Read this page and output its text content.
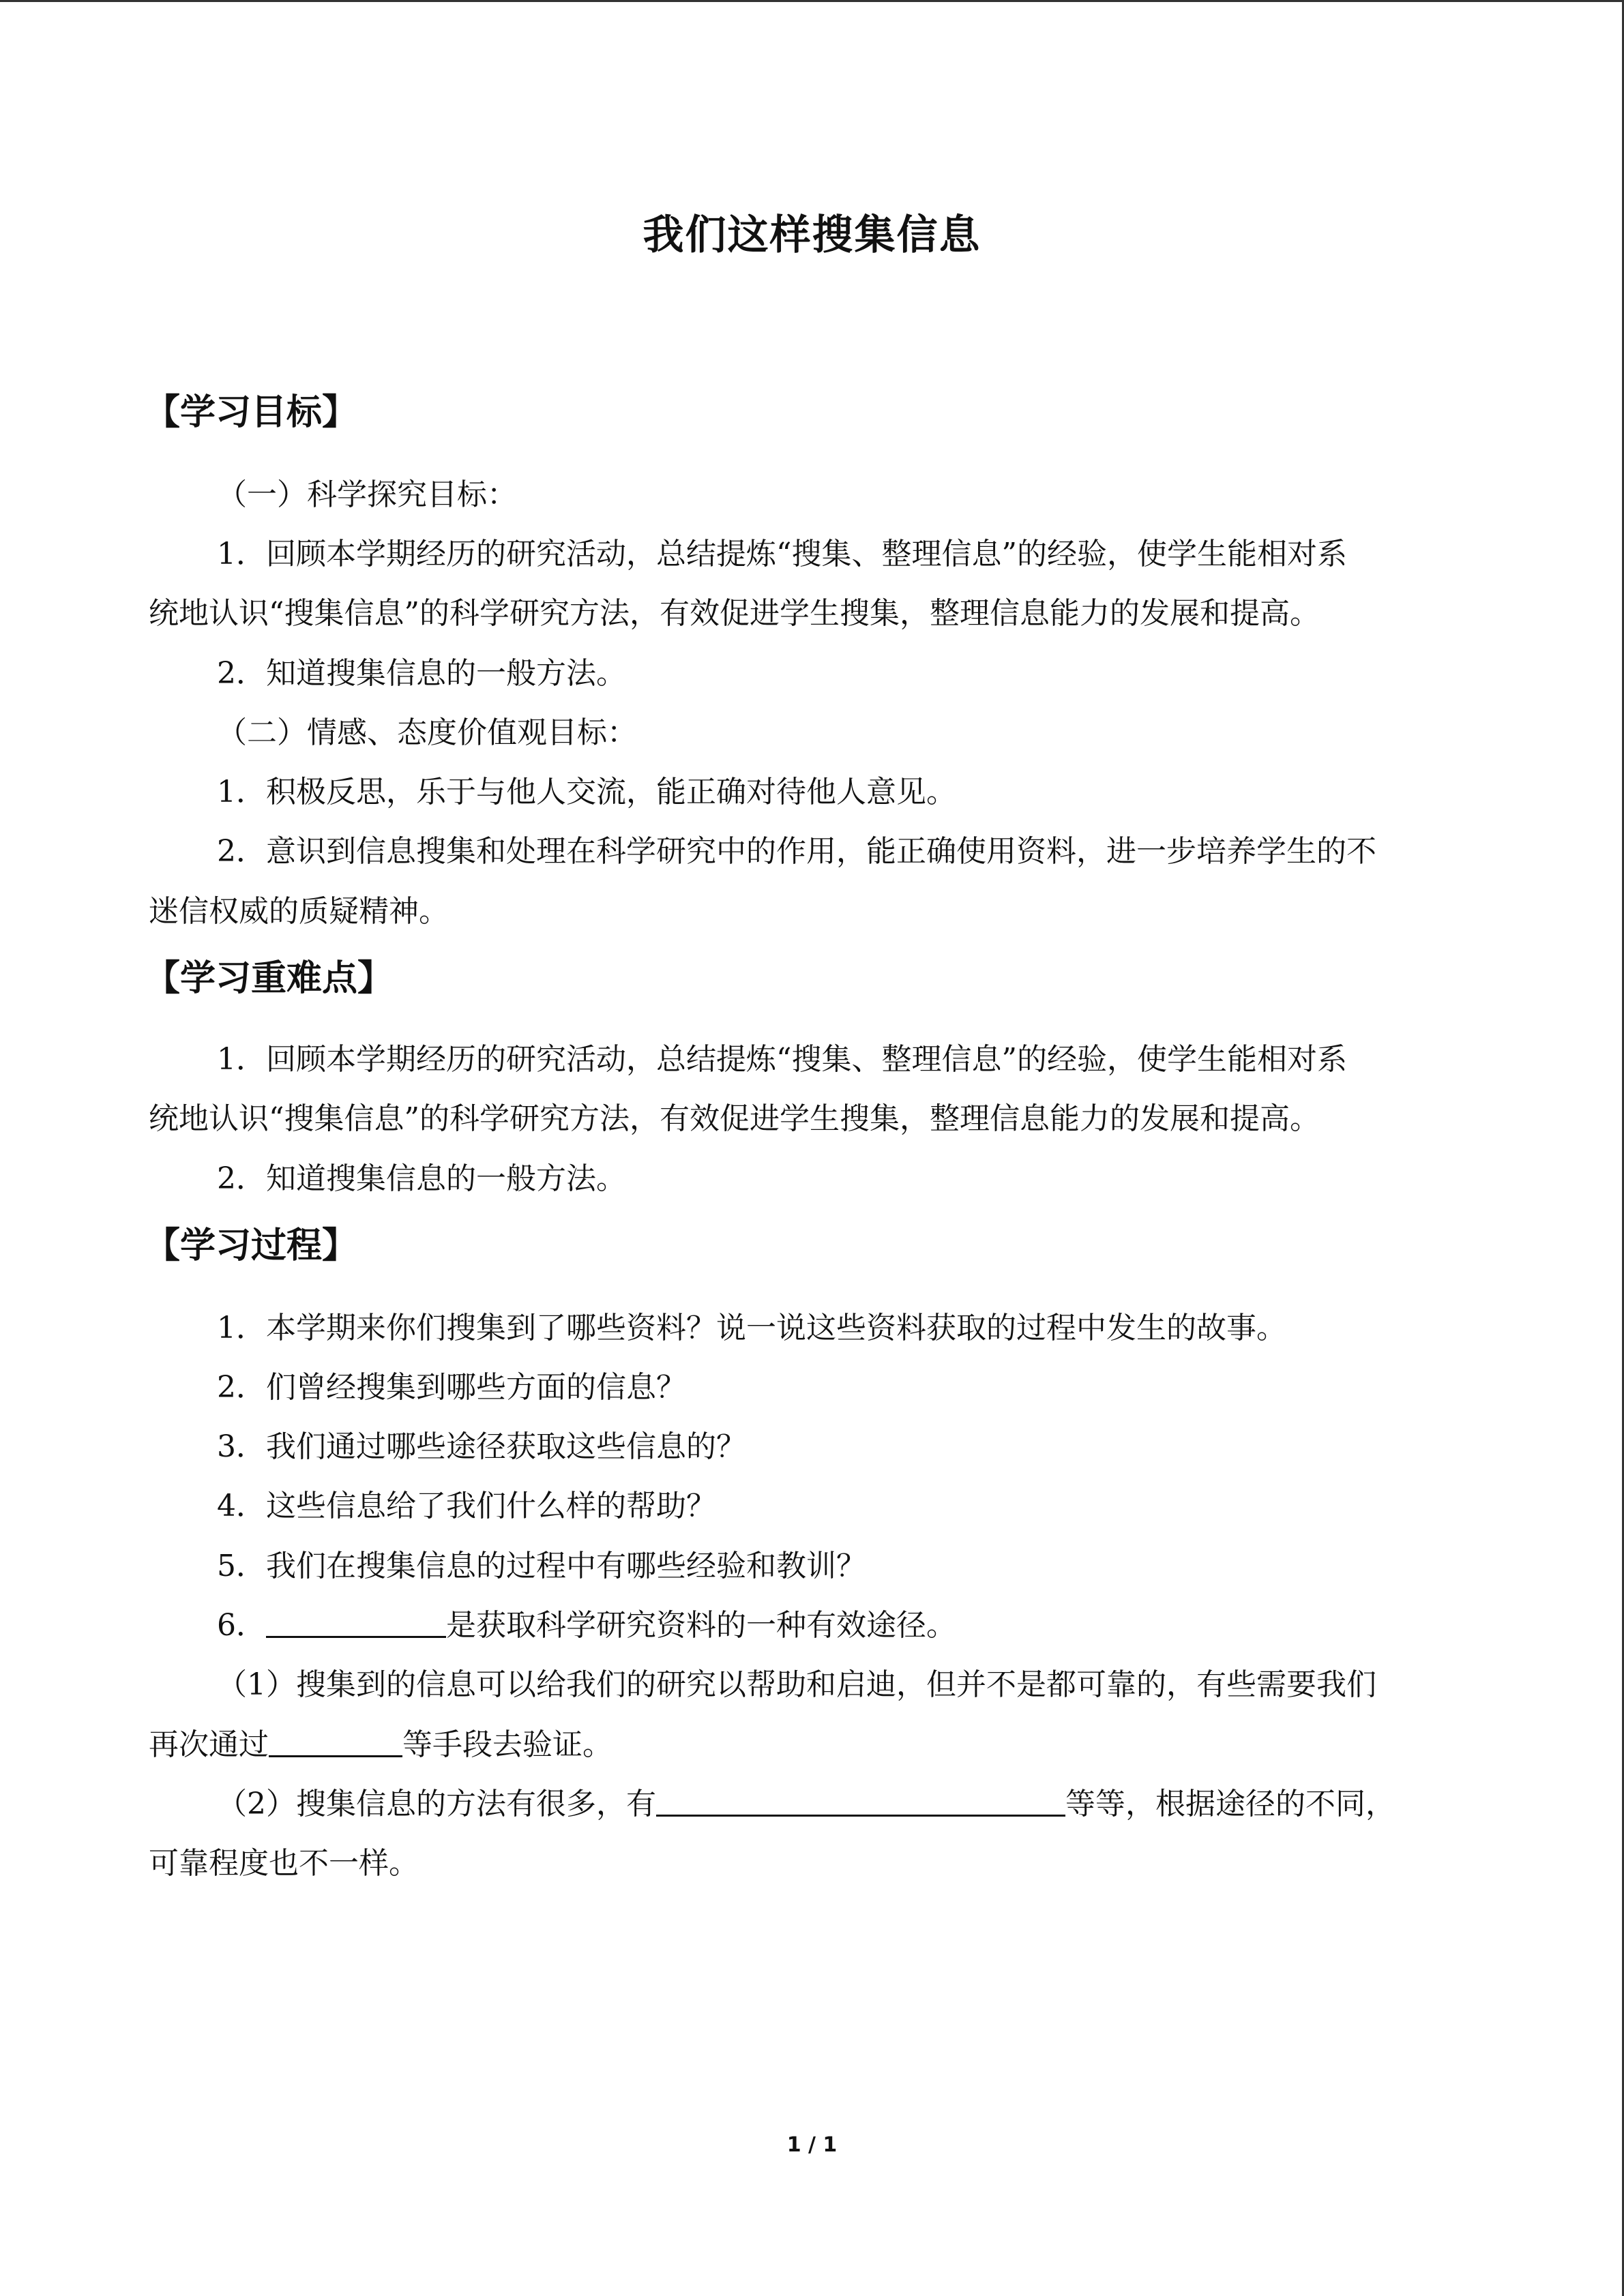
我们这样搜集信息
【学习目标】
（一）科学探究目标：
1．回顾本学期经历的研究活动，总结提炼“搜集、整理信息”的经验，使学生能相对系
统地认识“搜集信息”的科学研究方法，有效促进学生搜集，整理信息能力的发展和提高。
2．知道搜集信息的一般方法。
（二）情感、态度价值观目标：
1．积极反思，乐于与他人交流，能正确对待他人意见。
2．意识到信息搜集和处理在科学研究中的作用，能正确使用资料，进一步培养学生的不
迷信权威的质疑精神。
【学习重难点】
1．回顾本学期经历的研究活动，总结提炼“搜集、整理信息”的经验，使学生能相对系
统地认识“搜集信息”的科学研究方法，有效促进学生搜集，整理信息能力的发展和提高。
2．知道搜集信息的一般方法。
【学习过程】
1．本学期来你们搜集到了哪些资料？说一说这些资料获取的过程中发生的故事。
2．们曾经搜集到哪些方面的信息？
3．我们通过哪些途径获取这些信息的？
4．这些信息给了我们什么样的帮助？
5．我们在搜集信息的过程中有哪些经验和教训？
6．	是获取科学研究资料的一种有效途径。
（1）搜集到的信息可以给我们的研究以帮助和启迪，但并不是都可靠的，有些需要我们
再次通过	等手段去验证。
（2）搜集信息的方法有很多，有	等等，根据途径的不同，
可靠程度也不一样。
1 / 1
